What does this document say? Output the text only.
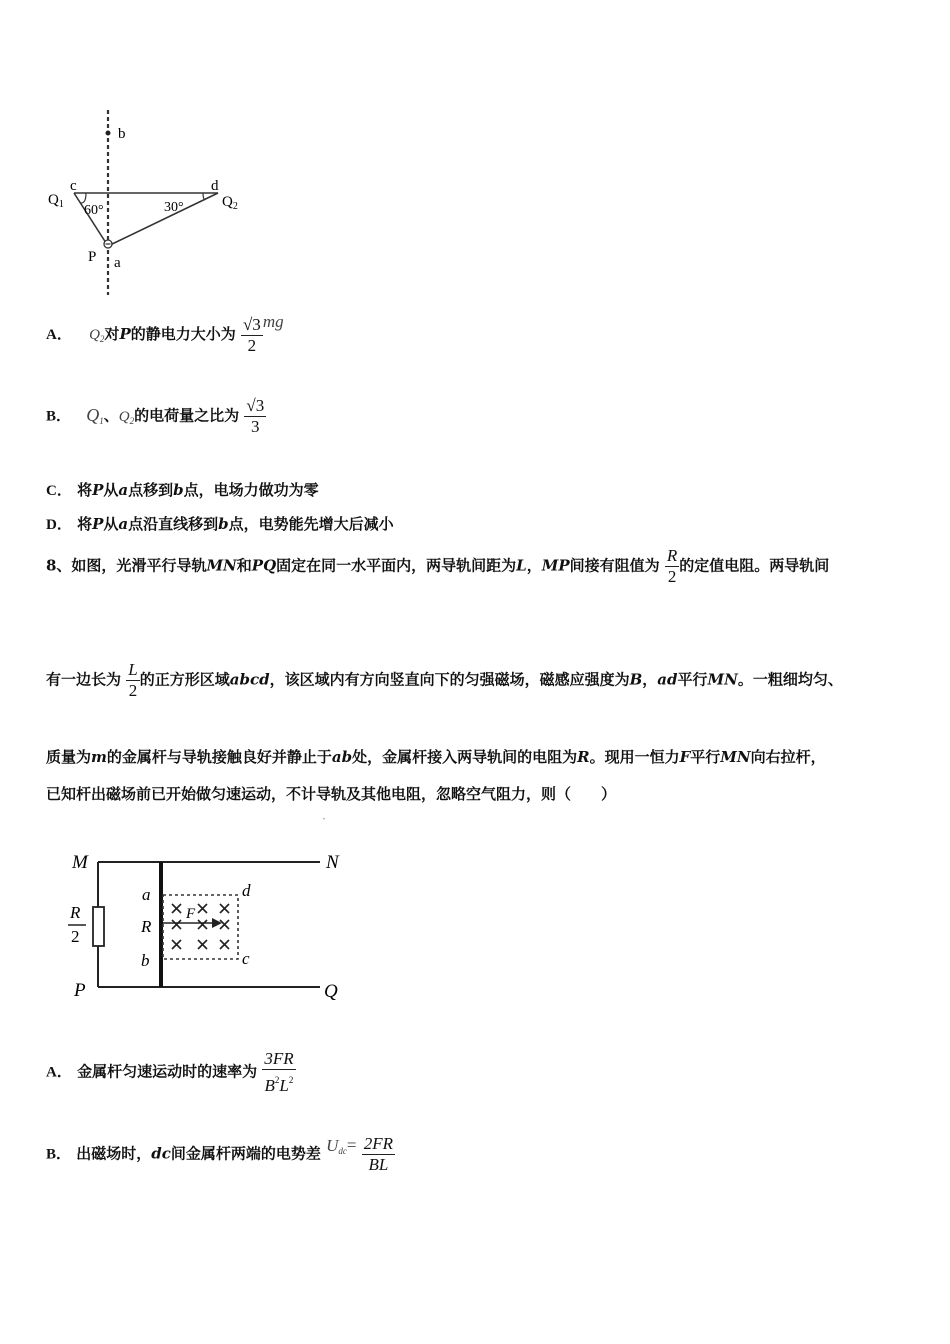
b
c	d
$Q_1$	$Q_2$
60°	30°
P a
A． $Q_2$对P的静电力大小为 $\frac{√3}{2}$ mg
B． $Q_1$、$Q_2$的电荷量之比为 $\frac{√3}{3}$
C． 将P从a点移到b点，电场力做功为零
D． 将P从a点沿直线移到b点，电势能先增大后减小
8、如图，光滑平行导轨MN和PQ固定在同一水平面内，两导轨间距为L，MP间接有阻值为 $\frac{R}{2}$ 的定值电阻。两导轨间
有一边长为 $\frac{L}{2}$ 的正方形区域abcd，该区域内有方向竖直向下的匀强磁场，磁感应强度为B，ad平行MN。一粗细均匀、
质量为m的金属杆与导轨接触良好并静止于ab处，金属杆接入两导轨间的电阻为R。现用一恒力F平行MN向右拉杆，
已知杆出磁场前已开始做匀速运动，不计导轨及其他电阻，忽略空气阻力，则（　　）
·
M	N
P	Q
R
2
a
R
b
d
c
F
A． 金属杆匀速运动时的速率为 $\frac{3FR}{B^2L^2}$
B． 出磁场时，dc间金属杆两端的电势差 $U_{dc}= \frac{2FR}{BL}$
